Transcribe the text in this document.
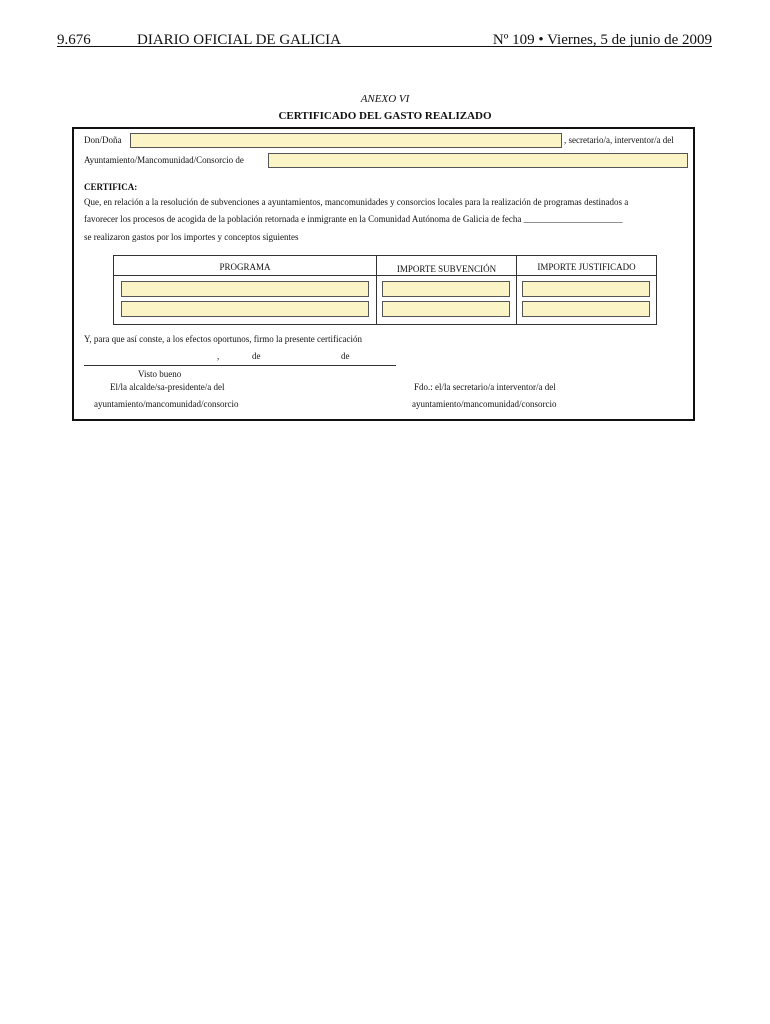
9.676	DIARIO OFICIAL DE GALICIA	Nº 109 • Viernes, 5 de junio de 2009
ANEXO VI
CERTIFICADO DEL GASTO REALIZADO
Don/Doña	, secretario/a, interventor/a del
Ayuntamiento/Mancomunidad/Consorcio de
CERTIFICA:
Que, en relación a la resolución de subvenciones a ayuntamientos, mancomunidades y consorcios locales para la realización de programas destinados a
favorecer los procesos de acogida de la población retornada e inmigrante en la Comunidad Autónoma de Galicia de fecha ______________________
se realizaron gastos por los importes y conceptos siguientes
PROGRAMA	IMPORTE SUBVENCIÓN	IMPORTE JUSTIFICADO
Y, para que así conste, a los efectos oportunos, firmo la presente certificación
,	de	de
Visto bueno
El/la alcalde/sa-presidente/a del	Fdo.: el/la secretario/a interventor/a del
ayuntamiento/mancomunidad/consorcio	ayuntamiento/mancomunidad/consorcio
